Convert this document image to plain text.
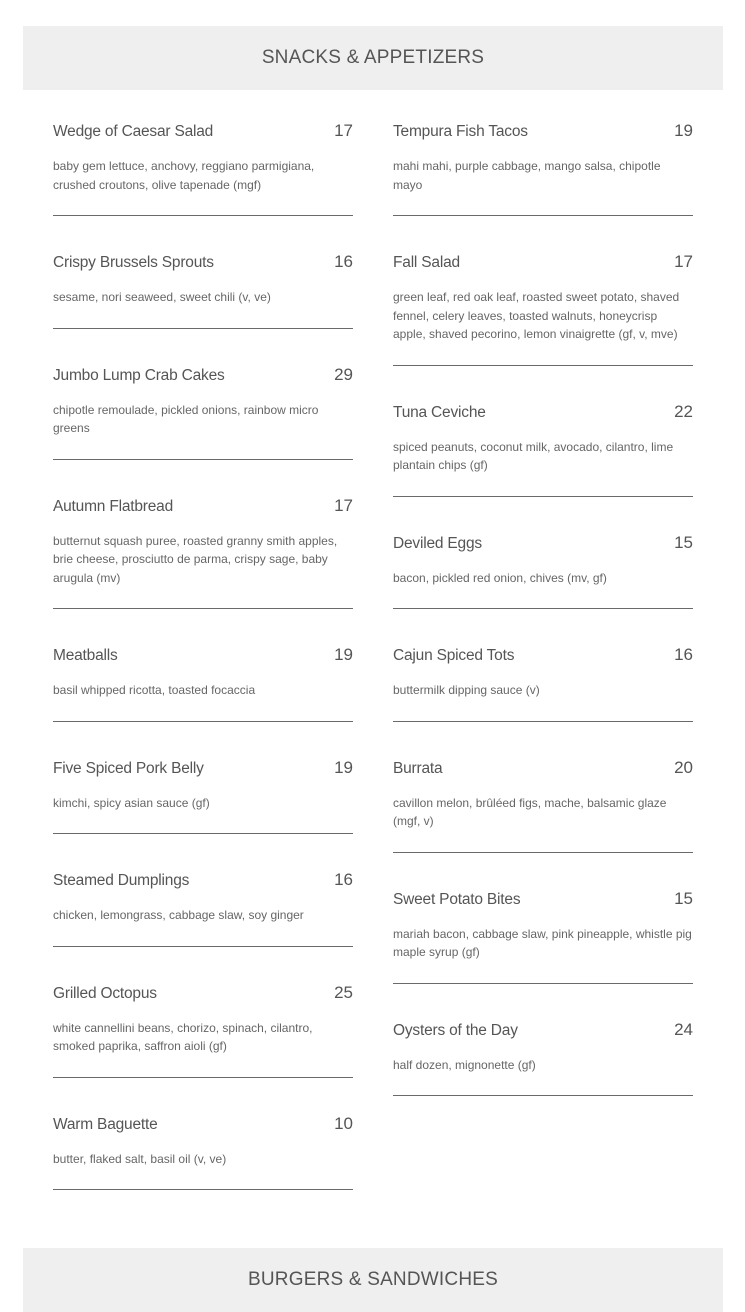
SNACKS & APPETIZERS
Wedge of Caesar Salad	17
baby gem lettuce, anchovy, reggiano parmigiana, crushed croutons, olive tapenade (mgf)
Crispy Brussels Sprouts	16
sesame, nori seaweed, sweet chili (v, ve)
Jumbo Lump Crab Cakes	29
chipotle remoulade, pickled onions, rainbow micro greens
Autumn Flatbread	17
butternut squash puree, roasted granny smith apples, brie cheese, prosciutto de parma, crispy sage, baby arugula (mv)
Meatballs	19
basil whipped ricotta, toasted focaccia
Five Spiced Pork Belly	19
kimchi, spicy asian sauce (gf)
Steamed Dumplings	16
chicken, lemongrass, cabbage slaw, soy ginger
Grilled Octopus	25
white cannellini beans, chorizo, spinach, cilantro, smoked paprika, saffron aioli (gf)
Warm Baguette	10
butter, flaked salt, basil oil (v, ve)
Tempura Fish Tacos	19
mahi mahi, purple cabbage, mango salsa, chipotle mayo
Fall Salad	17
green leaf, red oak leaf, roasted sweet potato, shaved fennel, celery leaves, toasted walnuts, honeycrisp apple, shaved pecorino, lemon vinaigrette (gf, v, mve)
Tuna Ceviche	22
spiced peanuts, coconut milk, avocado, cilantro, lime plantain chips (gf)
Deviled Eggs	15
bacon, pickled red onion, chives (mv, gf)
Cajun Spiced Tots	16
buttermilk dipping sauce (v)
Burrata	20
cavillon melon, brûléed figs, mache, balsamic glaze (mgf, v)
Sweet Potato Bites	15
mariah bacon, cabbage slaw, pink pineapple, whistle pig maple syrup (gf)
Oysters of the Day	24
half dozen, mignonette (gf)
BURGERS & SANDWICHES
